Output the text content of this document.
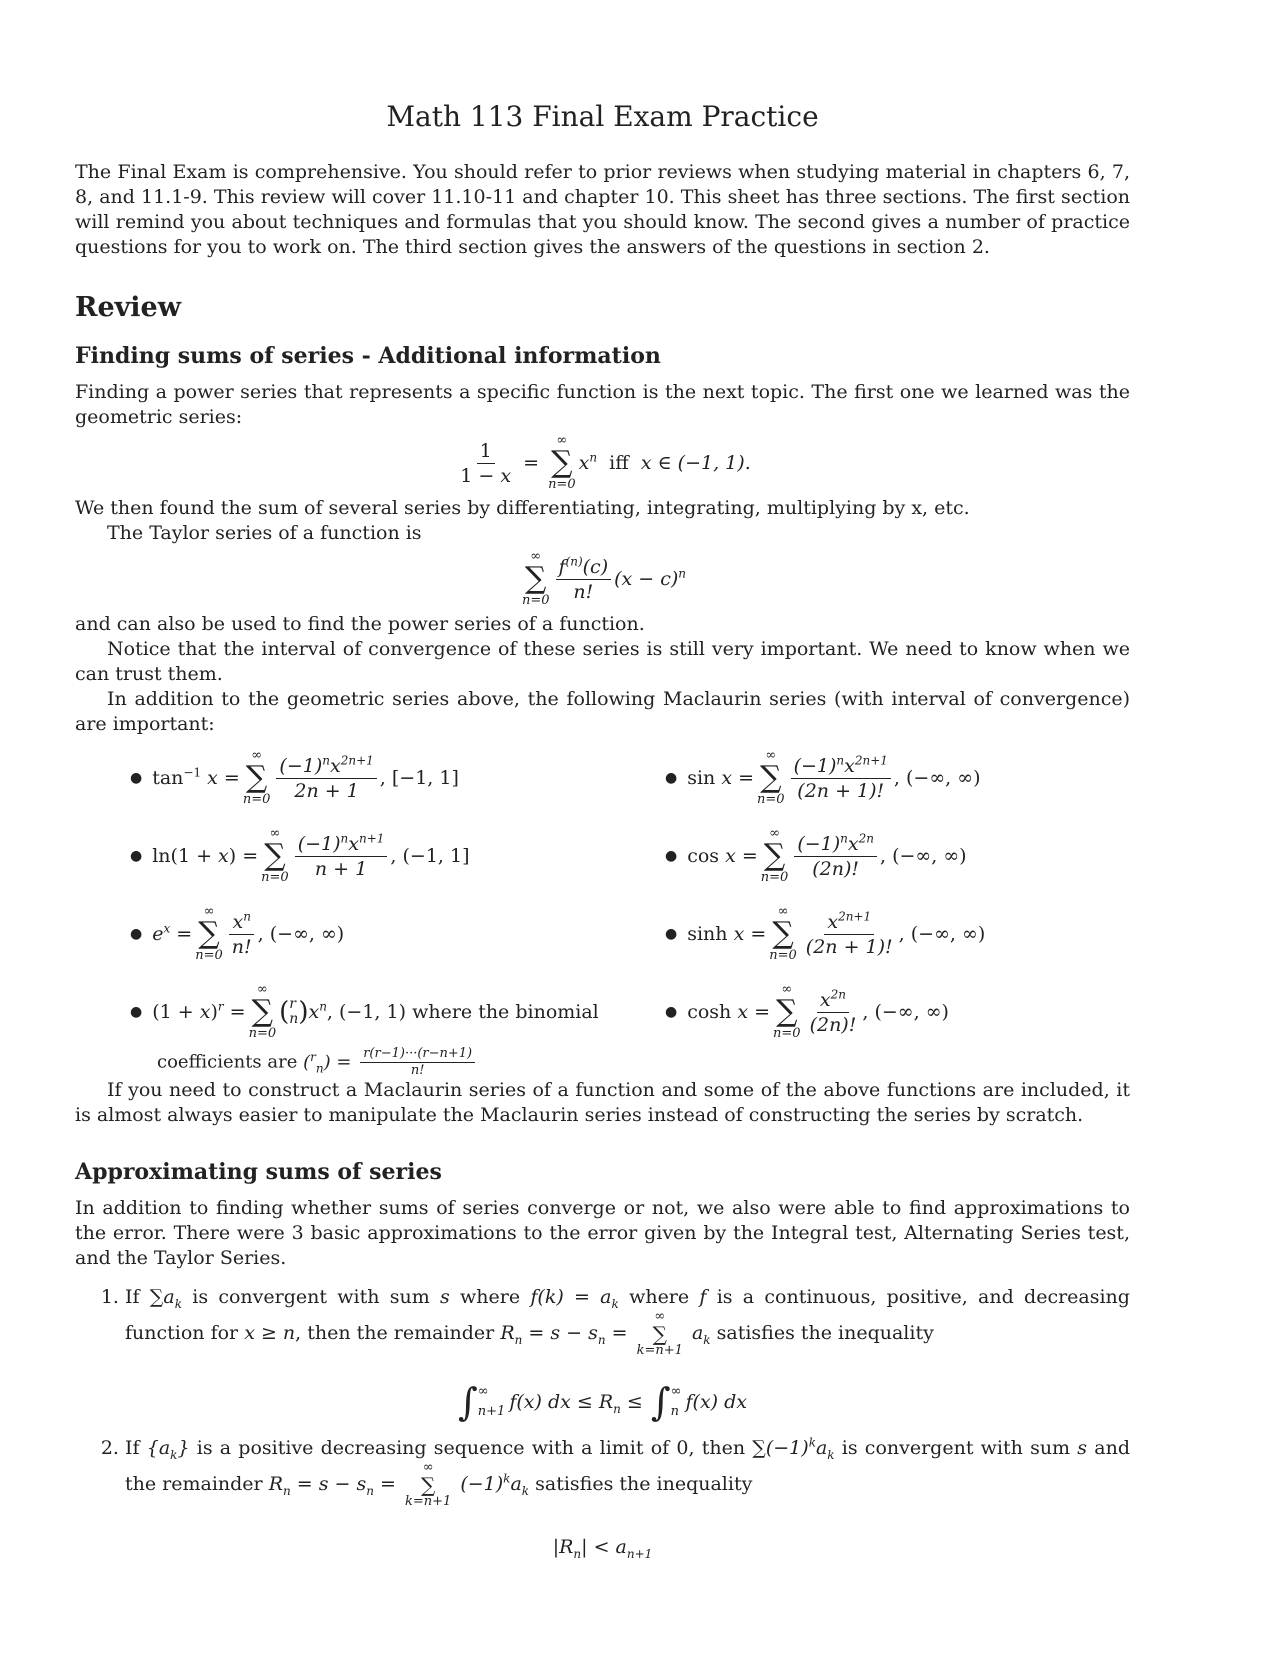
Math 113 Final Exam Practice

The Final Exam is comprehensive. You should refer to prior reviews when studying material in chapters 6, 7, 8, and 11.1-9. This review will cover 11.10-11 and chapter 10. This sheet has three sections. The first section will remind you about techniques and formulas that you should know. The second gives a number of practice questions for you to work on. The third section gives the answers of the questions in section 2.

Review
Finding sums of series - Additional information

Finding a power series that represents a specific function is the next topic. The first one we learned was the geometric series:

$\frac{1}{1 - x}$ =
∞
∑
n=0
$x^n$ iff x ∈ (−1, 1).

We then found the sum of several series by differentiating, integrating, multiplying by x, etc.

The Taylor series of a function is

∞
∑
$n=0 \frac{f^{(n)}(c)}{n!} (x - c)^n$

and can also be used to find the power series of a function.

Notice that the interval of convergence of these series is still very important. We need to know when we can trust them.

In addition to the geometric series above, the following Maclaurin series (with interval of convergence) are important:

● $\tan^{-1} x$ =
∞
∑
$n=0 \frac{(-1)^nx^{2n+1}}{2n + 1}$ , [−1, 1]	● sin x =
∞
∑
$n=0 \frac{(-1)^nx^{2n+1}}{(2n + 1)!}$ , (−∞, ∞)
● ln(1 + x) =
∞
∑
$n=0 \frac{(-1)^nx^{n+1}}{n + 1}$ , (−1, 1]	● cos x =
∞
∑
$n=0 \frac{(-1)^nx^{2n}}{(2n)!}$ , (−∞, ∞)
● $e^x$ =
∞
∑
$n=0 \frac{x^n}{n!}$ , (−∞, ∞)	● sinh x =
∞
∑
$n=0 \frac{x^{2n+1}}{(2n + 1)!}$ , (−∞, ∞)
● $(1 + x)^r$ =
∞
∑
n=0
( r
n ) $x^n$ , (−1, 1) where the binomial	● cosh x =
∞
∑
$n=0 \frac{x^{2n}}{(2n)!}$ , (−∞, ∞)

coefficients are $(^r_n) = \frac{r(r-1)\cdot\cdot\cdot(r-n+1)}{n!}$

If you need to construct a Maclaurin series of a function and some of the above functions are included, it is almost always easier to manipulate the Maclaurin series instead of constructing the series by scratch.

Approximating sums of series

In addition to finding whether sums of series converge or not, we also were able to find approximations to the error. There were 3 basic approximations to the error given by the Integral test, Alternating Series test, and the Taylor Series.

1. If $\sum a_k$ is convergent with sum s where $f(k) = a_k$ where f is a continuous, positive, and decreasing function for x ≥ n, then the remainder $R_n = s - s_n$ =
∞
∑
k=n+1
$a_k$ satisfies the inequality
∫ ∞
n+1 f(x) dx ≤ $R_n$ ≤ ∫ ∞
n f(x) dx
2. If $\{a_k\}$ is a positive decreasing sequence with a limit of 0, then $\sum(-1)^ka_k$ is convergent with sum s and the remainder $R_n = s - s_n$ =
∞
∑
k=n+1
$(-1)^ka_k$ satisfies the inequality

$|R_n| < a_{n+1}$
